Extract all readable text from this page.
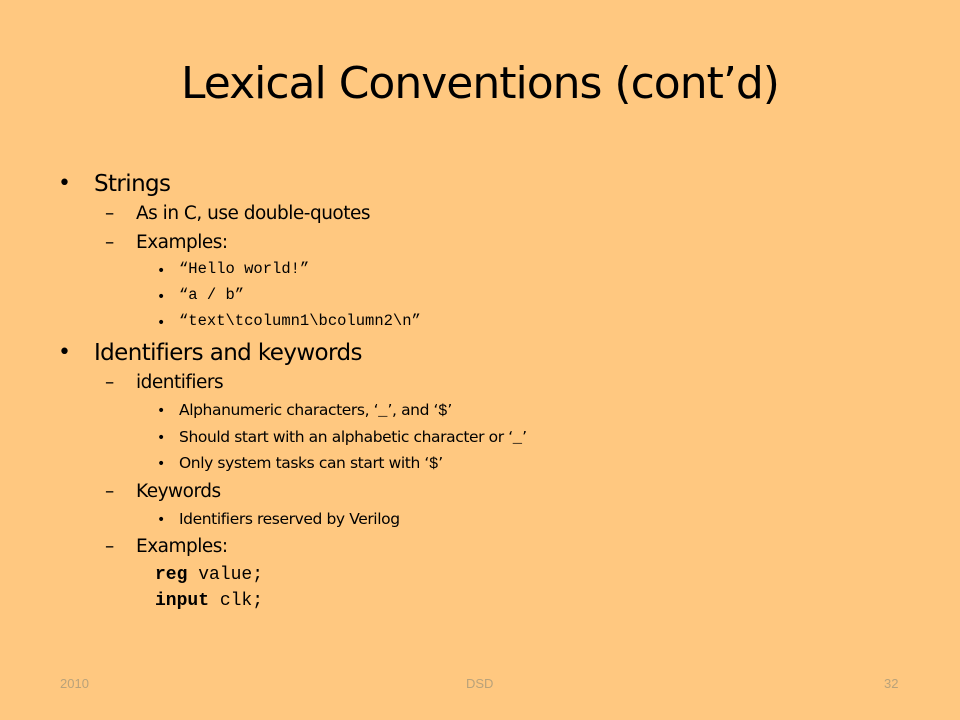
Lexical Conventions (cont’d)
• Strings
– As in C, use double-quotes
– Examples:
• “Hello world!”
• “a / b”
• “text\tcolumn1\bcolumn2\n”
• Identifiers and keywords
– identifiers
• Alphanumeric characters, ‘_’, and ‘$’
• Should start with an alphabetic character or ‘_’
• Only system tasks can start with ‘$’
– Keywords
• Identifiers reserved by Verilog
– Examples:
reg value;
input clk;
2010	DSD	32
